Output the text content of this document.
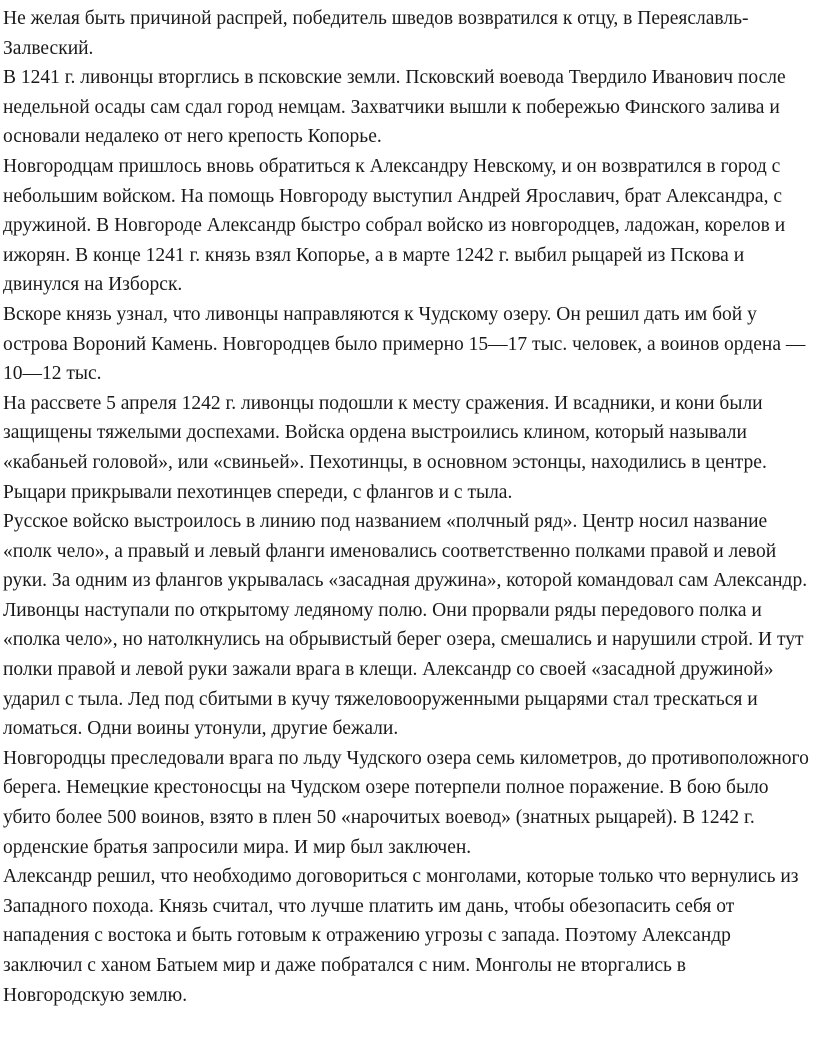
Не желая быть причиной распрей, победитель шведов возвратился к отцу, в Переяславль-Залвеский.

В 1241 г. ливонцы вторглись в псковские земли. Псковский воевода Твердило Иванович после недельной осады сам сдал город немцам. Захватчики вышли к побережью Финского залива и основали недалеко от него крепость Копорье.

Новгородцам пришлось вновь обратиться к Александру Невскому, и он возвратился в город с небольшим войском. На помощь Новгороду выступил Андрей Ярославич, брат Александра, с дружиной. В Новгороде Александр быстро собрал войско из новгородцев, ладожан, корелов и ижорян. В конце 1241 г. князь взял Копорье, а в марте 1242 г. выбил рыцарей из Пскова и двинулся на Изборск.

Вскоре князь узнал, что ливонцы направляются к Чудскому озеру. Он решил дать им бой у острова Вороний Камень. Новгородцев было примерно 15—17 тыс. человек, а воинов ордена — 10—12 тыс.

На рассвете 5 апреля 1242 г. ливонцы подошли к месту сражения. И всадники, и кони были защищены тяжелыми доспехами. Войска ордена выстроились клином, который называли «кабаньей головой», или «свиньей». Пехотинцы, в основном эстонцы, находились в центре. Рыцари прикрывали пехотинцев спереди, с флангов и с тыла.

Русское войско выстроилось в линию под названием «полчный ряд». Центр носил название «полк чело», а правый и левый фланги именовались соответственно полками правой и левой руки. За одним из флангов укрывалась «засадная дружина», которой командовал сам Александр.

Ливонцы наступали по открытому ледяному полю. Они прорвали ряды передового полка и «полка чело», но натолкнулись на обрывистый берег озера, смешались и нарушили строй. И тут полки правой и левой руки зажали врага в клещи. Александр со своей «засадной дружиной» ударил с тыла. Лед под сбитыми в кучу тяжеловооруженными рыцарями стал трескаться и ломаться. Одни воины утонули, другие бежали.

Новгородцы преследовали врага по льду Чудского озера семь километров, до противоположного берега. Немецкие крестоносцы на Чудском озере потерпели полное поражение. В бою было убито более 500 воинов, взято в плен 50 «нарочитых воевод» (знатных рыцарей). В 1242 г. орденские братья запросили мира. И мир был заключен.

Александр решил, что необходимо договориться с монголами, которые только что вернулись из Западного похода. Князь считал, что лучше платить им дань, чтобы обезопасить себя от нападения с востока и быть готовым к отражению угрозы с запада. Поэтому Александр заключил с ханом Батыем мир и даже побратался с ним. Монголы не вторгались в Новгородскую землю.
